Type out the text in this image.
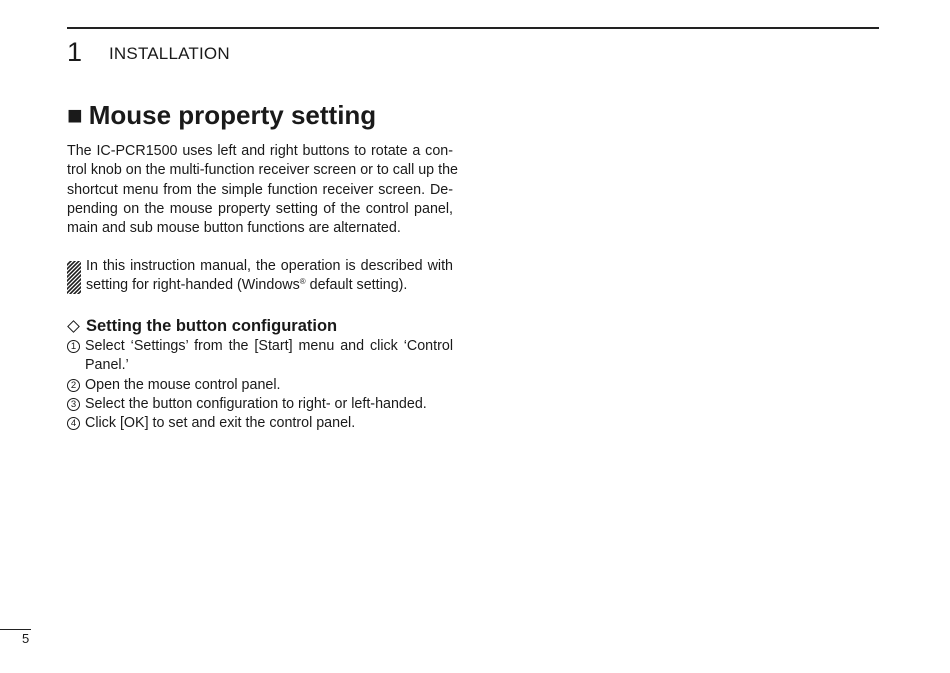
1 INSTALLATION
■ Mouse property setting
The IC-PCR1500 uses left and right buttons to rotate a con-
trol knob on the multi-function receiver screen or to call up the
shortcut menu from the simple function receiver screen. De-
pending on the mouse property setting of the control panel,
main and sub mouse button functions are alternated.
In this instruction manual, the operation is described with
setting for right-handed (Windows® default setting).
Setting the button configuration
1 Select ‘Settings’ from the [Start] menu and click ‘Control
Panel.’
2 Open the mouse control panel.
3 Select the button configuration to right- or left-handed.
4 Click [OK] to set and exit the control panel.
5
